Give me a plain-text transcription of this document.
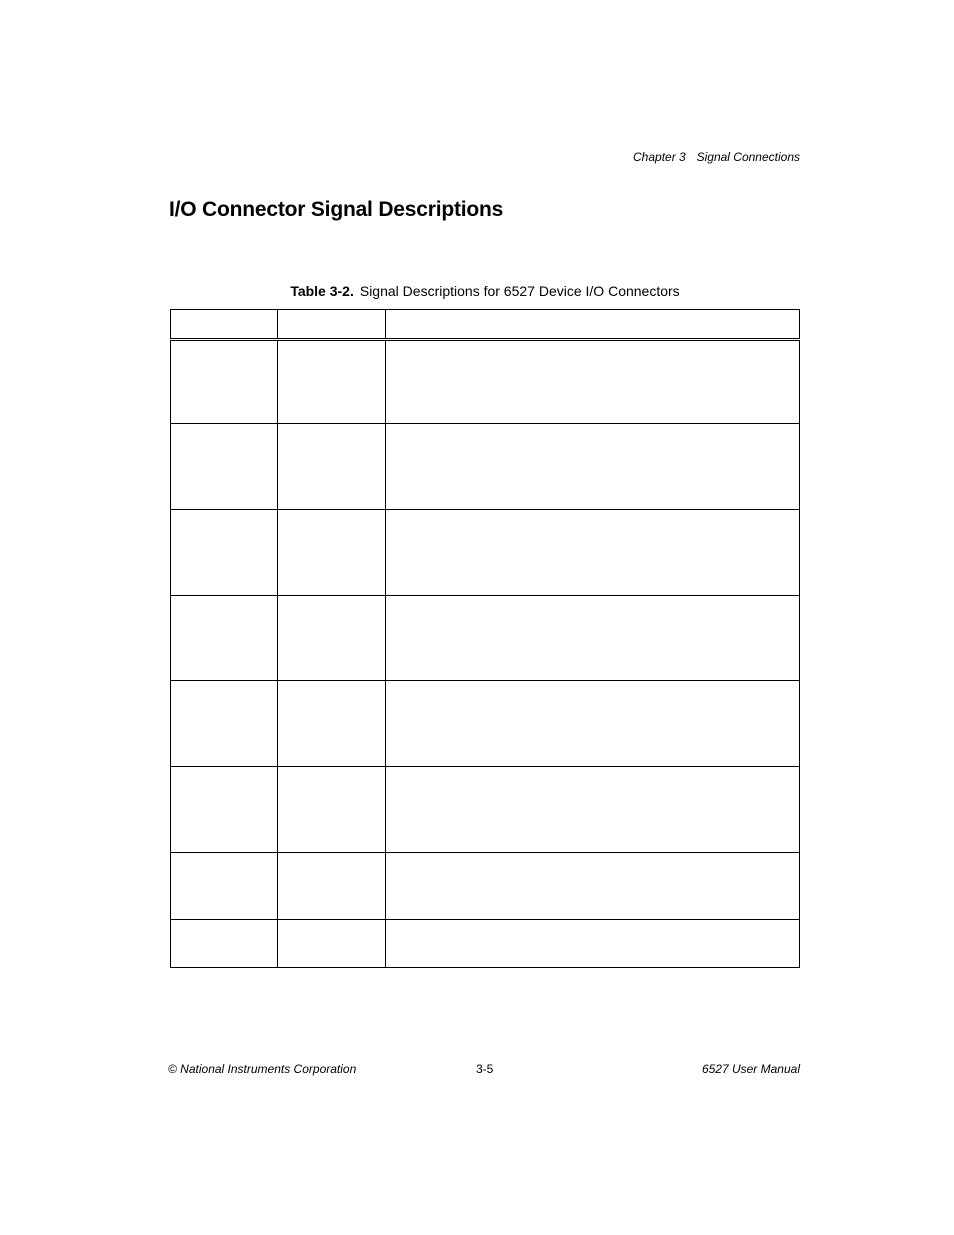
Chapter 3 Signal Connections
I/O Connector Signal Descriptions
Table 3-2. Signal Descriptions for 6527 Device I/O Connectors

© National Instruments Corporation	3-5	6527 User Manual
